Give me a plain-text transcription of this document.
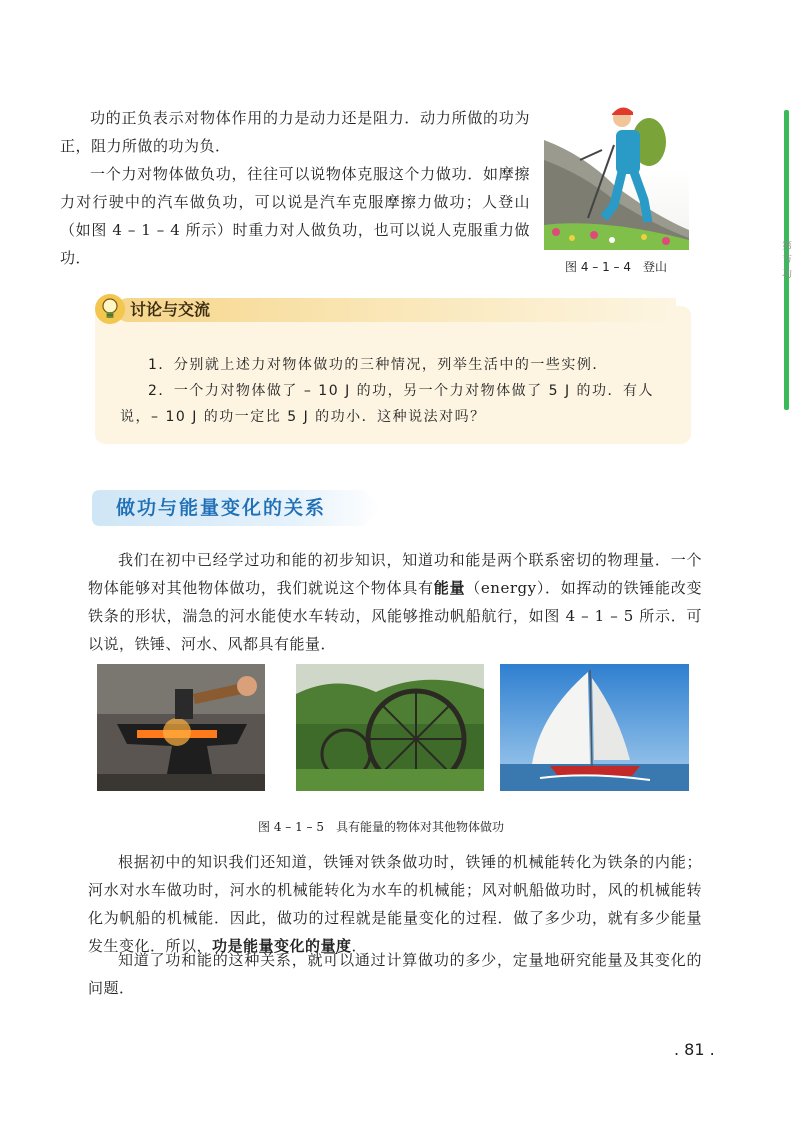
功的正负表示对物体作用的力是动力还是阻力．动力所做的功为正，阻力所做的功为负．

一个力对物体做负功，往往可以说物体克服这个力做功．如摩擦力对行驶中的汽车做负功，可以说是汽车克服摩擦力做功；人登山（如图 4 – 1 – 4 所示）时重力对人做负功，也可以说人克服重力做功．	图 4 – 1 – 4　登山
第
节
功
讨论与交流

1．分别就上述力对物体做功的三种情况，列举生活中的一些实例．

2．一个力对物体做了 – 10 J 的功，另一个力对物体做了 5 J 的功．有人说，– 10 J 的功一定比 5 J 的功小．这种说法对吗？

做功与能量变化的关系

我们在初中已经学过功和能的初步知识，知道功和能是两个联系密切的物理量．一个物体能够对其他物体做功，我们就说这个物体具有能量（energy）．如挥动的铁锤能改变铁条的形状，湍急的河水能使水车转动，风能够推动帆船航行，如图 4 – 1 – 5 所示．可以说，铁锤、河水、风都具有能量．

图 4 – 1 – 5　具有能量的物体对其他物体做功

根据初中的知识我们还知道，铁锤对铁条做功时，铁锤的机械能转化为铁条的内能；河水对水车做功时，河水的机械能转化为水车的机械能；风对帆船做功时，风的机械能转化为帆船的机械能．因此，做功的过程就是能量变化的过程．做了多少功，就有多少能量发生变化．所以，功是能量变化的量度．

知道了功和能的这种关系，就可以通过计算做功的多少，定量地研究能量及其变化的问题．

. 81 .
